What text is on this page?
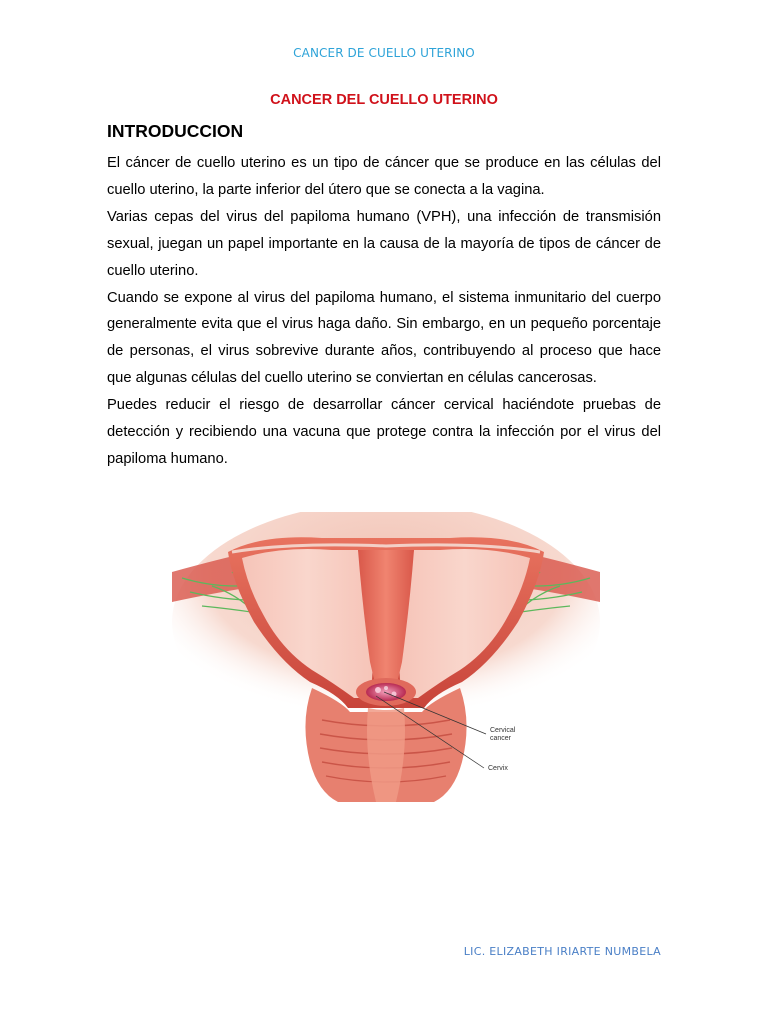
CANCER DE CUELLO UTERINO
CANCER DEL CUELLO UTERINO
INTRODUCCION

El cáncer de cuello uterino es un tipo de cáncer que se produce en las células del cuello uterino, la parte inferior del útero que se conecta a la vagina.

Varias cepas del virus del papiloma humano (VPH), una infección de transmisión sexual, juegan un papel importante en la causa de la mayoría de tipos de cáncer de cuello uterino.

Cuando se expone al virus del papiloma humano, el sistema inmunitario del cuerpo generalmente evita que el virus haga daño. Sin embargo, en un pequeño porcentaje de personas, el virus sobrevive durante años, contribuyendo al proceso que hace que algunas células del cuello uterino se conviertan en células cancerosas.

Puedes reducir el riesgo de desarrollar cáncer cervical haciéndote pruebas de detección y recibiendo una vacuna que protege contra la infección por el virus del papiloma humano.

Cervical
cancer
Cervix
LIC. ELIZABETH IRIARTE NUMBELA
